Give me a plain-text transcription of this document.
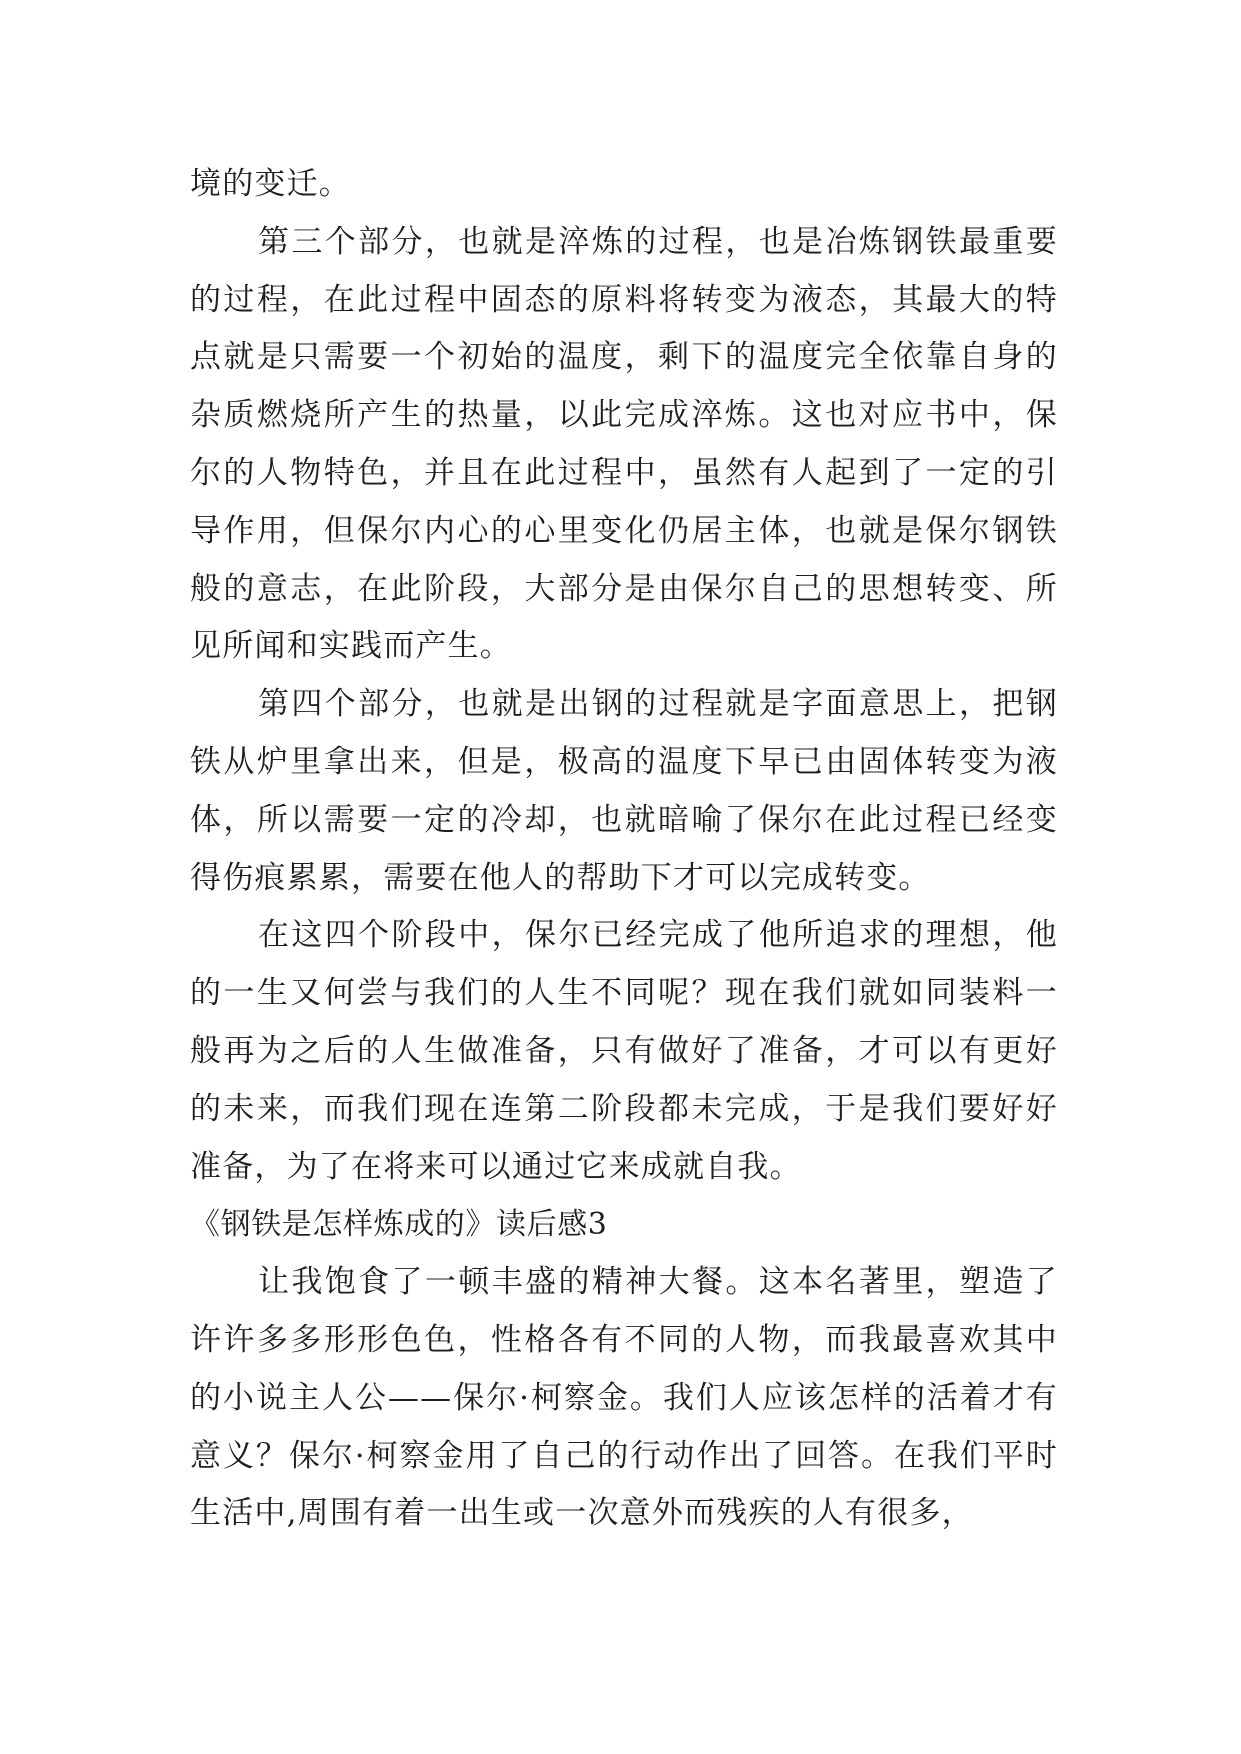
境的变迁。

第三个部分，也就是淬炼的过程，也是冶炼钢铁最重要的过程，在此过程中固态的原料将转变为液态，其最大的特点就是只需要一个初始的温度，剩下的温度完全依靠自身的杂质燃烧所产生的热量，以此完成淬炼。这也对应书中，保尔的人物特色，并且在此过程中，虽然有人起到了一定的引导作用，但保尔内心的心里变化仍居主体，也就是保尔钢铁般的意志，在此阶段，大部分是由保尔自己的思想转变、所见所闻和实践而产生。

第四个部分，也就是出钢的过程就是字面意思上，把钢铁从炉里拿出来，但是，极高的温度下早已由固体转变为液体，所以需要一定的冷却，也就暗喻了保尔在此过程已经变得伤痕累累，需要在他人的帮助下才可以完成转变。

在这四个阶段中，保尔已经完成了他所追求的理想，他的一生又何尝与我们的人生不同呢？现在我们就如同装料一般再为之后的人生做准备，只有做好了准备，才可以有更好的未来，而我们现在连第二阶段都未完成，于是我们要好好准备，为了在将来可以通过它来成就自我。

《钢铁是怎样炼成的》读后感3

让我饱食了一顿丰盛的精神大餐。这本名著里，塑造了许许多多形形色色，性格各有不同的人物，而我最喜欢其中的小说主人公——保尔·柯察金。我们人应该怎样的活着才有意义？保尔·柯察金用了自己的行动作出了回答。在我们平时生活中,周围有着一出生或一次意外而残疾的人有很多，
